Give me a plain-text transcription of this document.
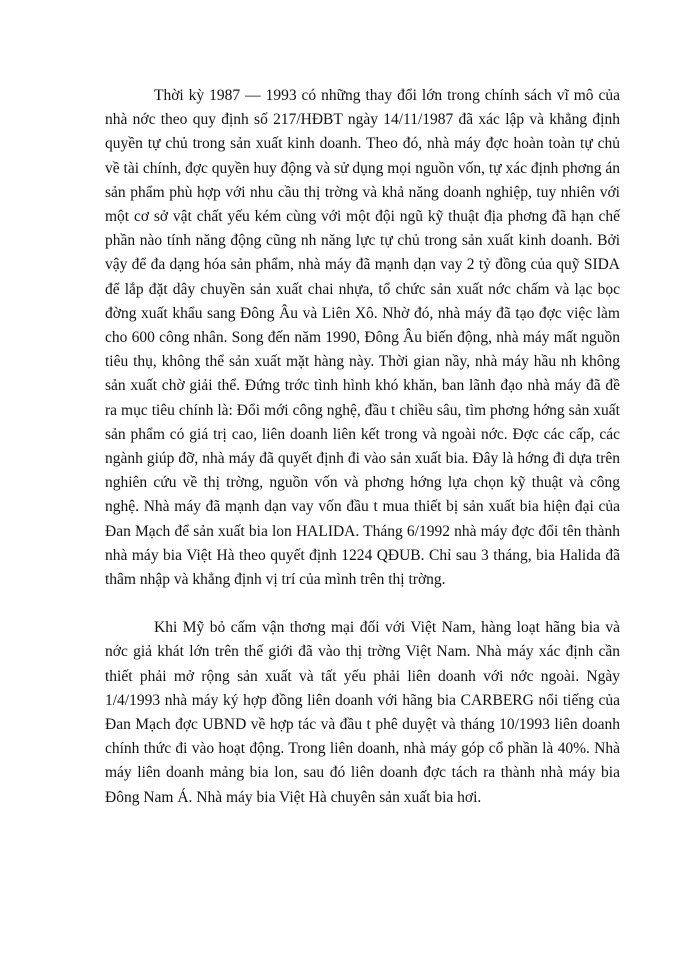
Thời kỳ 1987 — 1993 có những thay đổi lớn trong chính sách vĩ mô của nhà nớc theo quy định số 217/HĐBT ngày 14/11/1987 đã xác lập và khẳng định quyền tự chủ trong sản xuất kinh doanh. Theo đó, nhà máy đợc hoàn toàn tự chủ về tài chính, đợc quyền huy động và sử dụng mọi nguồn vốn, tự xác định phơng án sản phẩm phù hợp với nhu cầu thị trờng và khả năng doanh nghiệp, tuy nhiên với một cơ sở vật chất yếu kém cùng với một đội ngũ kỹ thuật địa phơng đã hạn chế phần nào tính năng động cũng nh năng lực tự chủ trong sản xuất kinh doanh. Bởi vậy để đa dạng hóa sản phẩm, nhà máy đã mạnh dạn vay 2 tỷ đồng của quỹ SIDA để lắp đặt dây chuyền sản xuất chai nhựa, tổ chức sản xuất nớc chấm và lạc bọc đờng xuất khẩu sang Đông Âu và Liên Xô. Nhờ đó, nhà máy đã tạo đợc việc làm cho 600 công nhân. Song đến năm 1990, Đông Âu biến động, nhà máy mất nguồn tiêu thụ, không thể sản xuất mặt hàng này. Thời gian nầy, nhà máy hầu nh không sản xuất chờ giải thể. Đứng trớc tình hình khó khăn, ban lãnh đạo nhà máy đã đề ra mục tiêu chính là: Đổi mới công nghệ, đầu t chiều sâu, tìm phơng hớng sản xuất sản phẩm có giá trị cao, liên doanh liên kết trong và ngoài nớc. Đợc các cấp, các ngành giúp đỡ, nhà máy đã quyết định đi vào sản xuất bia. Đây là hớng đi dựa trên nghiên cứu về thị trờng, nguồn vốn và phơng hớng lựa chọn kỹ thuật và công nghệ. Nhà máy đã mạnh dạn vay vốn đầu t mua thiết bị sản xuất bia hiện đại của Đan Mạch để sản xuất bia lon HALIDA. Tháng 6/1992 nhà máy đợc đổi tên thành nhà máy bia Việt Hà theo quyết định 1224 QĐUB. Chỉ sau 3 tháng, bia Halida đã thâm nhập và khẳng định vị trí của mình trên thị trờng.

Khi Mỹ bỏ cấm vận thơng mại đối với Việt Nam, hàng loạt hãng bia và nớc giả khát lớn trên thế giới đã vào thị trờng Việt Nam. Nhà máy xác định cần thiết phải mở rộng sản xuất và tất yếu phải liên doanh với nớc ngoài. Ngày 1/4/1993 nhà máy ký hợp đồng liên doanh với hãng bia CARBERG nổi tiếng của Đan Mạch đợc UBND về hợp tác và đầu t phê duyệt và tháng 10/1993 liên doanh chính thức đi vào hoạt động. Trong liên doanh, nhà máy góp cổ phần là 40%. Nhà máy liên doanh mảng bia lon, sau đó liên doanh đợc tách ra thành nhà máy bia Đông Nam Á. Nhà máy bia Việt Hà chuyên sản xuất bia hơi.
